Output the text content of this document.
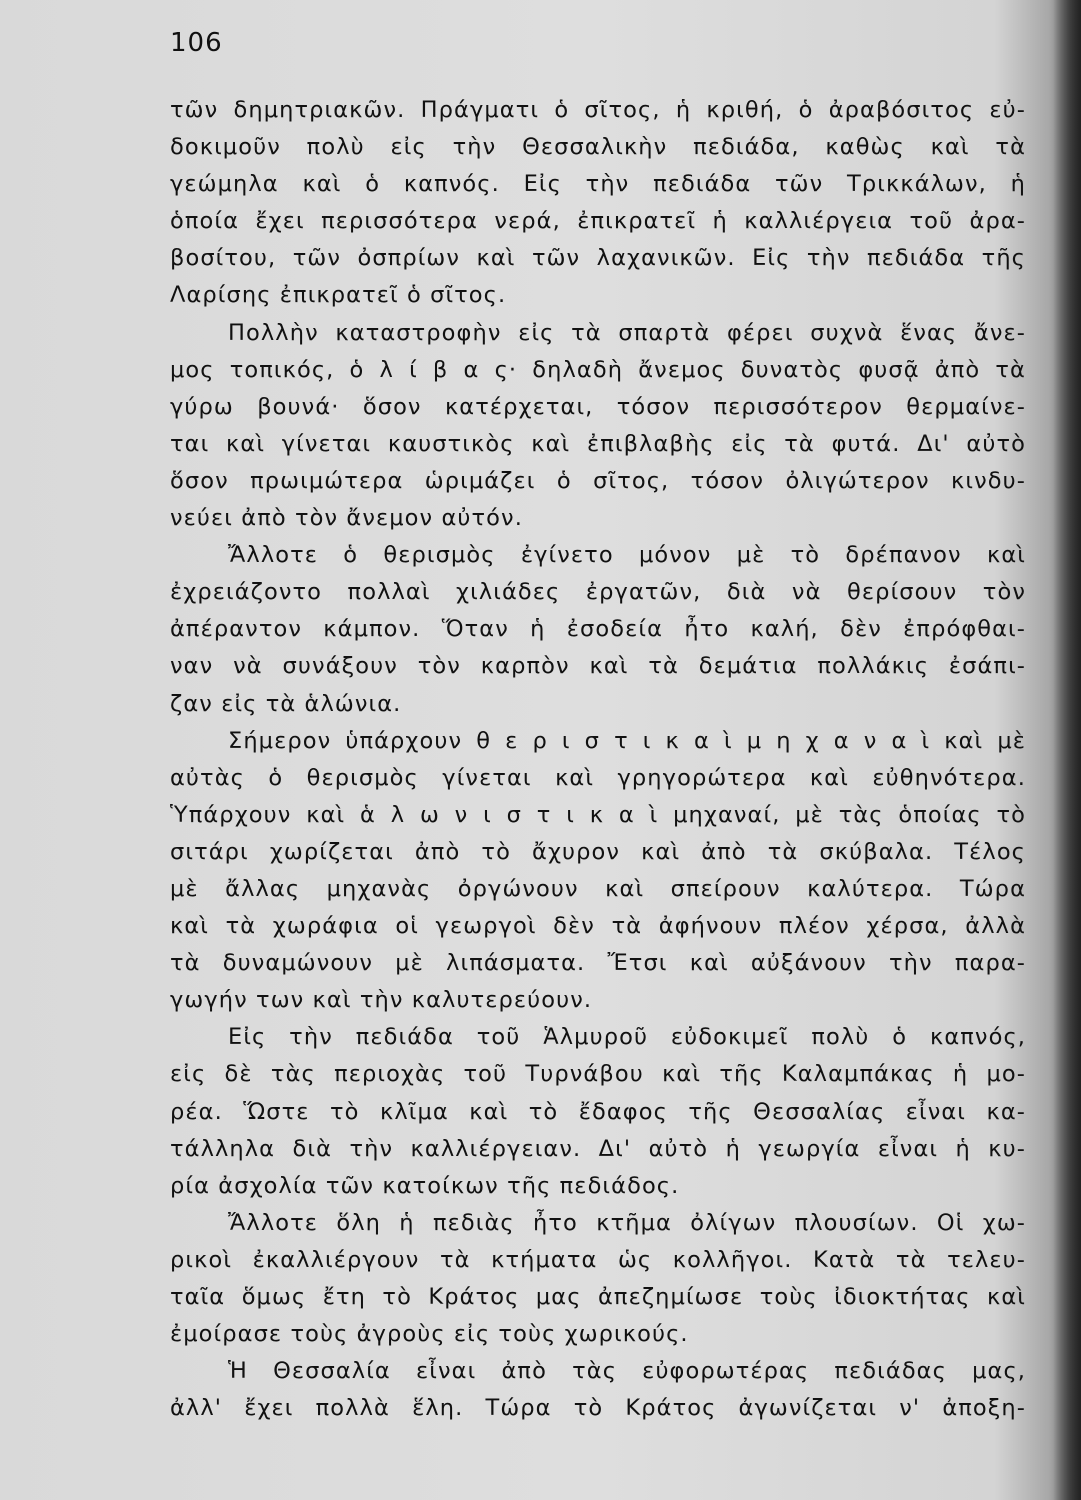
106
τῶν δημητριακῶν. Πράγματι ὁ σῖτος, ἡ κριθή, ὁ ἀραβόσιτος εὐ-
δοκιμοῦν πολὺ εἰς τὴν Θεσσαλικὴν πεδιάδα, καθὼς καὶ τὰ
γεώμηλα καὶ ὁ καπνός. Εἰς τὴν πεδιάδα τῶν Τρικκάλων, ἡ
ὁποία ἔχει περισσότερα νερά, ἐπικρατεῖ ἡ καλλιέργεια τοῦ ἀρα-
βοσίτου, τῶν ὀσπρίων καὶ τῶν λαχανικῶν. Εἰς τὴν πεδιάδα τῆς
Λαρίσης ἐπικρατεῖ ὁ σῖτος.
Πολλὴν καταστροφὴν εἰς τὰ σπαρτὰ φέρει συχνὰ ἕνας ἄνε-
μος τοπικός, ὁ λ ί β α ς· δηλαδὴ ἄνεμος δυνατὸς φυσᾷ ἀπὸ τὰ
γύρω βουνά· ὅσον κατέρχεται, τόσον περισσότερον θερμαίνε-
ται καὶ γίνεται καυστικὸς καὶ ἐπιβλαβὴς εἰς τὰ φυτά. Δι' αὐτὸ
ὅσον πρωιμώτερα ὡριμάζει ὁ σῖτος, τόσον ὀλιγώτερον κινδυ-
νεύει ἀπὸ τὸν ἄνεμον αὐτόν.
Ἄλλοτε ὁ θερισμὸς ἐγίνετο μόνον μὲ τὸ δρέπανον καὶ
ἐχρειάζοντο πολλαὶ χιλιάδες ἐργατῶν, διὰ νὰ θερίσουν τὸν
ἀπέραντον κάμπον. Ὅταν ἡ ἐσοδεία ἦτο καλή, δὲν ἐπρόφθαι-
ναν νὰ συνάξουν τὸν καρπὸν καὶ τὰ δεμάτια πολλάκις ἐσάπι-
ζαν εἰς τὰ ἁλώνια.
Σήμερον ὑπάρχουν θ ε ρ ι σ τ ι κ α ὶ μ η χ α ν α ὶ καὶ μὲ
αὐτὰς ὁ θερισμὸς γίνεται καὶ γρηγορώτερα καὶ εὐθηνότερα.
Ὑπάρχουν καὶ ἁ λ ω ν ι σ τ ι κ α ὶ μηχαναί, μὲ τὰς ὁποίας τὸ
σιτάρι χωρίζεται ἀπὸ τὸ ἄχυρον καὶ ἀπὸ τὰ σκύβαλα. Τέλος
μὲ ἄλλας μηχανὰς ὀργώνουν καὶ σπείρουν καλύτερα. Τώρα
καὶ τὰ χωράφια οἱ γεωργοὶ δὲν τὰ ἀφήνουν πλέον χέρσα, ἀλλὰ
τὰ δυναμώνουν μὲ λιπάσματα. Ἔτσι καὶ αὐξάνουν τὴν παρα-
γωγήν των καὶ τὴν καλυτερεύουν.
Εἰς τὴν πεδιάδα τοῦ Ἁλμυροῦ εὐδοκιμεῖ πολὺ ὁ καπνός,
εἰς δὲ τὰς περιοχὰς τοῦ Τυρνάβου καὶ τῆς Καλαμπάκας ἡ μο-
ρέα. Ὥστε τὸ κλῖμα καὶ τὸ ἔδαφος τῆς Θεσσαλίας εἶναι κα-
τάλληλα διὰ τὴν καλλιέργειαν. Δι' αὐτὸ ἡ γεωργία εἶναι ἡ κυ-
ρία ἀσχολία τῶν κατοίκων τῆς πεδιάδος.
Ἄλλοτε ὅλη ἡ πεδιὰς ἦτο κτῆμα ὀλίγων πλουσίων. Οἱ χω-
ρικοὶ ἐκαλλιέργουν τὰ κτήματα ὡς κολλῆγοι. Κατὰ τὰ τελευ-
ταῖα ὅμως ἔτη τὸ Κράτος μας ἀπεζημίωσε τοὺς ἰδιοκτήτας καὶ
ἐμοίρασε τοὺς ἀγροὺς εἰς τοὺς χωρικούς.
Ἡ Θεσσαλία εἶναι ἀπὸ τὰς εὐφορωτέρας πεδιάδας μας,
ἀλλ' ἔχει πολλὰ ἕλη. Τώρα τὸ Κράτος ἀγωνίζεται ν' ἀποξη-
